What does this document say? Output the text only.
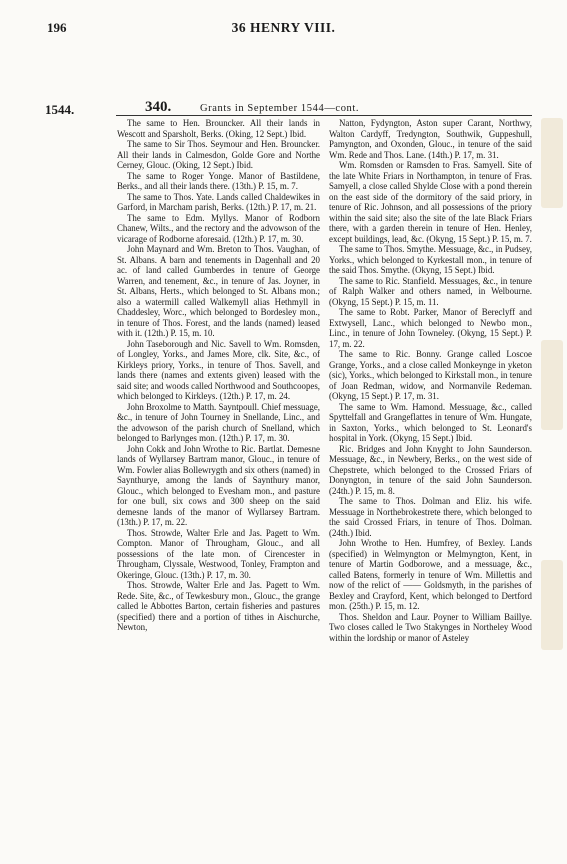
196	36 HENRY VIII.
1544.	340.	Grants in September 1544—cont.

The same to Hen. Brouncker. All their lands in Wescott and Sparsholt, Berks. (Oking, 12 Sept.) Ibid.

The same to Sir Thos. Seymour and Hen. Brouncker. All their lands in Calmesdon, Golde Gore and Northe Cerney, Glouc. (Oking, 12 Sept.) Ibid.

The same to Roger Yonge. Manor of Bastildene, Berks., and all their lands there. (13th.) P. 15, m. 7.

The same to Thos. Yate. Lands called Chaldewikes in Garford, in Marcham parish, Berks. (12th.) P. 17, m. 21.

The same to Edm. Myllys. Manor of Rodborn Chanew, Wilts., and the rectory and the advowson of the vicarage of Rodborne aforesaid. (12th.) P. 17, m. 30.

John Maynard and Wm. Breton to Thos. Vaughan, of St. Albans. A barn and tenements in Dagenhall and 20 ac. of land called Gumberdes in tenure of George Warren, and tenement, &c., in tenure of Jas. Joyner, in St. Albans, Herts., which belonged to St. Albans mon.; also a watermill called Walkemyll alias Hethmyll in Chaddesley, Worc., which belonged to Bordesley mon., in tenure of Thos. Forest, and the lands (named) leased with it. (12th.) P. 15, m. 10.

John Taseborough and Nic. Savell to Wm. Romsden, of Longley, Yorks., and James More, clk. Site, &c., of Kirkleys priory, Yorks., in tenure of Thos. Savell, and lands there (names and extents given) leased with the said site; and woods called Northwood and Southcoopes, which belonged to Kirkleys. (12th.) P. 17, m. 24.

John Broxolme to Matth. Sayntpoull. Chief messuage, &c., in tenure of John Tourney in Snellande, Linc., and the advowson of the parish church of Snelland, which belonged to Barlynges mon. (12th.) P. 17, m. 30.

John Cokk and John Wrothe to Ric. Bartlat. Demesne lands of Wyllarsey Bartram manor, Glouc., in tenure of Wm. Fowler alias Bollewrygth and six others (named) in Saynthurye, among the lands of Saynthury manor, Glouc., which belonged to Evesham mon., and pasture for one bull, six cows and 300 sheep on the said demesne lands of the manor of Wyllarsey Bartram. (13th.) P. 17, m. 22.

Thos. Strowde, Walter Erle and Jas. Pagett to Wm. Compton. Manor of Througham, Glouc., and all possessions of the late mon. of Cirencester in Througham, Clyssale, Westwood, Tonley, Frampton and Okeringe, Glouc. (13th.) P. 17, m. 30.

Thos. Strowde, Walter Erle and Jas. Pagett to Wm. Rede. Site, &c., of Tewkesbury mon., Glouc., the grange called le Abbottes Barton, certain fisheries and pastures (specified) there and a portion of tithes in Aischurche, Newton,

Natton, Fydyngton, Aston super Carant, Northwy, Walton Cardyff, Tredyngton, Southwik, Guppeshull, Pamyngton, and Oxonden, Glouc., in tenure of the said Wm. Rede and Thos. Lane. (14th.) P. 17, m. 31.

Wm. Romsden or Ramsden to Fras. Samyell. Site of the late White Friars in Northampton, in tenure of Fras. Samyell, a close called Shylde Close with a pond therein on the east side of the dormitory of the said priory, in tenure of Ric. Johnson, and all possessions of the priory within the said site; also the site of the late Black Friars there, with a garden therein in tenure of Hen. Henley, except buildings, lead, &c. (Okyng, 15 Sept.) P. 15, m. 7.

The same to Thos. Smythe. Messuage, &c., in Pudsey, Yorks., which belonged to Kyrkestall mon., in tenure of the said Thos. Smythe. (Okyng, 15 Sept.) Ibid.

The same to Ric. Stanfield. Messuages, &c., in tenure of Ralph Walker and others named, in Welbourne. (Okyng, 15 Sept.) P. 15, m. 11.

The same to Robt. Parker, Manor of Bereclyff and Extwysell, Lanc., which belonged to Newbo mon., Linc., in tenure of John Towneley. (Okyng, 15 Sept.) P. 17, m. 22.

The same to Ric. Bonny. Grange called Loscoe Grange, Yorks., and a close called Monkeynge in yketon (sic), Yorks., which belonged to Kirkstall mon., in tenure of Joan Redman, widow, and Normanvile Redeman. (Okyng, 15 Sept.) P. 17, m. 31.

The same to Wm. Hamond. Messuage, &c., called Spyttelfall and Grangeflattes in tenure of Wm. Hungate, in Saxton, Yorks., which belonged to St. Leonard's hospital in York. (Okyng, 15 Sept.) Ibid.

Ric. Bridges and John Knyght to John Saunderson. Messuage, &c., in Newbery, Berks., on the west side of Chepstrete, which belonged to the Crossed Friars of Donyngton, in tenure of the said John Saunderson. (24th.) P. 15, m. 8.

The same to Thos. Dolman and Eliz. his wife. Messuage in Northebrokestrete there, which belonged to the said Crossed Friars, in tenure of Thos. Dolman. (24th.) Ibid.

John Wrothe to Hen. Humfrey, of Bexley. Lands (specified) in Welmyngton or Melmyngton, Kent, in tenure of Martin Godborowe, and a messuage, &c., called Batens, formerly in tenure of Wm. Millettis and now of the relict of —— Goldsmyth, in the parishes of Bexley and Crayford, Kent, which belonged to Dertford mon. (25th.) P. 15, m. 12.

Thos. Sheldon and Laur. Poyner to William Baillye. Two closes called le Two Stakynges in Northeley Wood within the lordship or manor of Asteley
